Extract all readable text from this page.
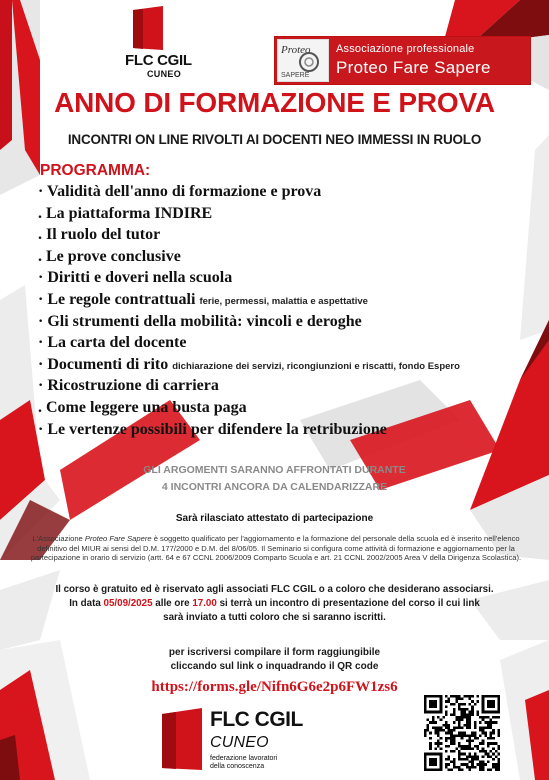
FLC CGIL
CUNEO
Proteo
SAPERE
Associazione professionale
Proteo Fare Sapere
ANNO DI FORMAZIONE E PROVA
INCONTRI ON LINE RIVOLTI AI DOCENTI NEO IMMESSI IN RUOLO
PROGRAMMA:
· Validità dell'anno di formazione e prova
. La piattaforma INDIRE
. Il ruolo del tutor
. Le prove conclusive
· Diritti e doveri nella scuola
· Le regole contrattuali ferie, permessi, malattia e aspettative
· Gli strumenti della mobilità: vincoli e deroghe
· La carta del docente
· Documenti di rito dichiarazione dei servizi, ricongiunzioni e riscatti, fondo Espero
· Ricostruzione di carriera
. Come leggere una busta paga
· Le vertenze possibili per difendere la retribuzione
GLI ARGOMENTI SARANNO AFFRONTATI DURANTE
4 INCONTRI ANCORA DA CALENDARIZZARE
Sarà rilasciato attestato di partecipazione
L'Associazione Proteo Fare Sapere è soggetto qualificato per l'aggiornamento e la formazione del personale della scuola ed è inserito nell'elenco definitivo del MIUR ai sensi del D.M. 177/2000 e D.M. del 8/06/05. Il Seminario si configura come attività di formazione e aggiornamento per la partecipazione in orario di servizio (artt. 64 e 67 CCNL 2006/2009 Comparto Scuola e art. 21 CCNL 2002/2005 Area V della Dirigenza Scolastica).
Il corso è gratuito ed è riservato agli associati FLC CGIL o a coloro che desiderano associarsi.
In data 05/09/2025 alle ore 17.00 si terrà un incontro di presentazione del corso il cui link
sarà inviato a tutti coloro che si saranno iscritti.
per iscriversi compilare il form raggiungibile
cliccando sul link o inquadrando il QR code
https://forms.gle/Nifn6G6e2p6FW1zs6
FLC CGIL
CUNEO
federazione lavoratori
della conoscenza
